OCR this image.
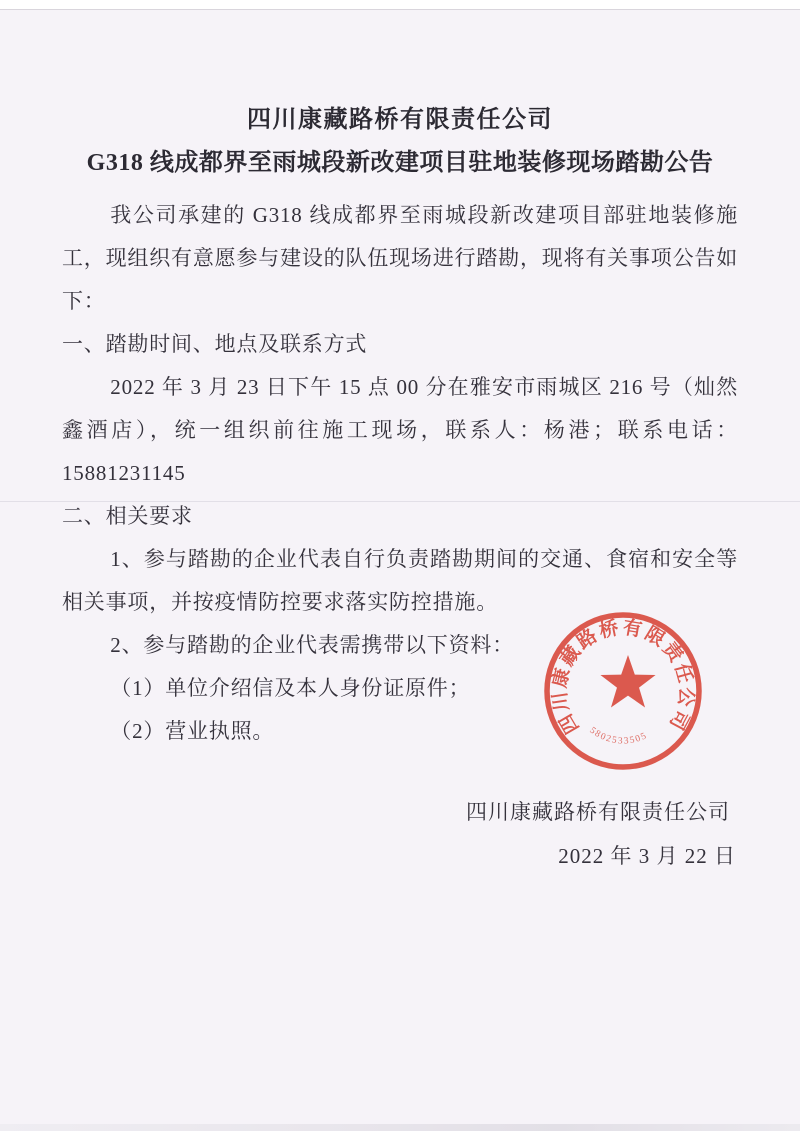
四川康藏路桥有限责任公司
G318 线成都界至雨城段新改建项目驻地装修现场踏勘公告

我公司承建的 G318 线成都界至雨城段新改建项目部驻地装修施工，现组织有意愿参与建设的队伍现场进行踏勘，现将有关事项公告如下：

一、踏勘时间、地点及联系方式

2022 年 3 月 23 日下午 15 点 00 分在雅安市雨城区 216 号（灿然鑫酒店），统一组织前往施工现场，联系人：杨港；联系电话：15881231145

二、相关要求

1、参与踏勘的企业代表自行负责踏勘期间的交通、食宿和安全等相关事项，并按疫情防控要求落实防控措施。

2、参与踏勘的企业代表需携带以下资料：

（1）单位介绍信及本人身份证原件；

（2）营业执照。

四川康藏路桥有限责任公司
2022 年 3 月 22 日
四川康藏路桥有限责任公司
5802533505
